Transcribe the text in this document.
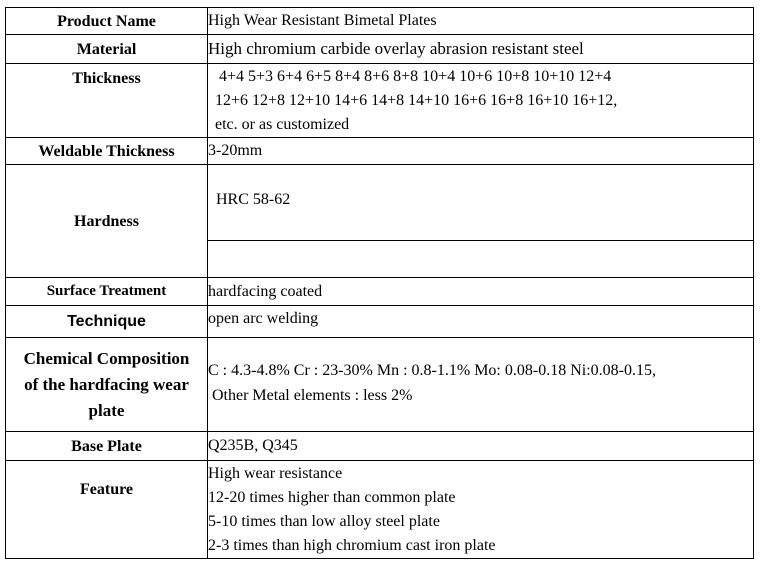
Product Name	High Wear Resistant Bimetal Plates
Material	High chromium carbide overlay abrasion resistant steel
Thickness	4+4 5+3 6+4 6+5 8+4 8+6 8+8 10+4 10+6 10+8 10+10 12+4
12+6 12+8 12+10 14+6 14+8 14+10 16+6 16+8 16+10 16+12,
etc. or as customized

Weldable Thickness	3-20mm
Hardness	HRC 58-62

Surface Treatment	hardfacing coated
Technique	open arc welding

Chemical Composition
of the hardfacing wear
plate	C : 4.3-4.8% Cr : 23-30% Mn : 0.8-1.1% Mo: 0.08-0.18 Ni:0.08-0.15,
Other Metal elements : less 2%

Base Plate	Q235B, Q345
Feature	High wear resistance
12-20 times higher than common plate
5-10 times than low alloy steel plate
2-3 times than high chromium cast iron plate
